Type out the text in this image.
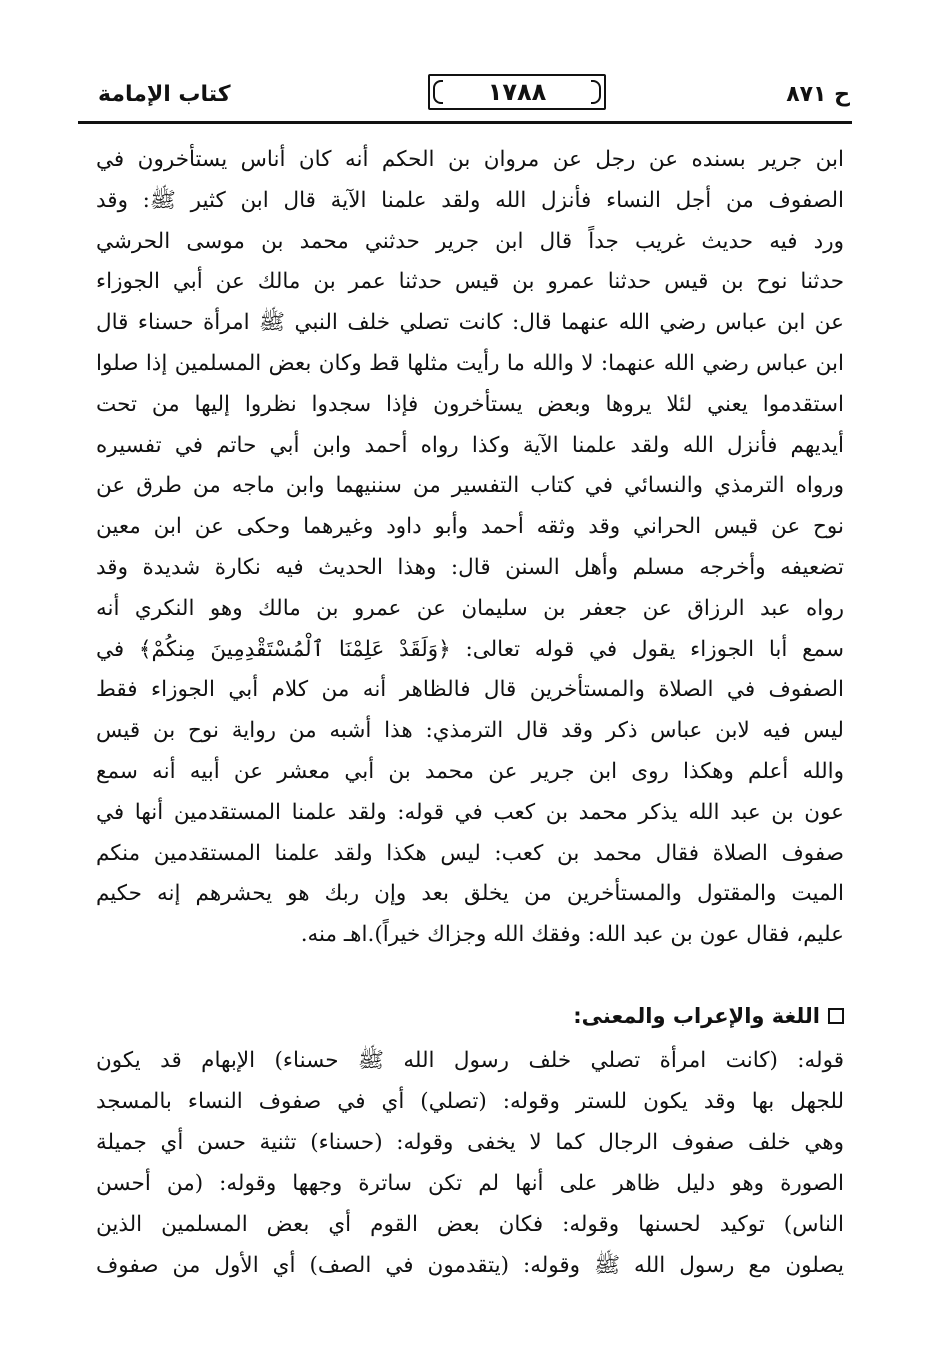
كتاب الإمامة	١٧٨٨	ح ٨٧١
ابن جرير بسنده عن رجل عن مروان بن الحكم أنه كان أناس يستأخرون في
الصفوف من أجل النساء فأنزل الله ولقد علمنا الآية قال ابن كثير ﷺ: وقد
ورد فيه حديث غريب جداً قال ابن جرير حدثني محمد بن موسى الحرشي
حدثنا نوح بن قيس حدثنا عمرو بن قيس حدثنا عمر بن مالك عن أبي الجوزاء
عن ابن عباس رضي الله عنهما قال: كانت تصلي خلف النبي ﷺ امرأة حسناء قال
ابن عباس رضي الله عنهما: لا والله ما رأيت مثلها قط وكان بعض المسلمين إذا صلوا
استقدموا يعني لئلا يروها وبعض يستأخرون فإذا سجدوا نظروا إليها من تحت
أيديهم فأنزل الله ولقد علمنا الآية وكذا رواه أحمد وابن أبي حاتم في تفسيره
ورواه الترمذي والنسائي في كتاب التفسير من سننيهما وابن ماجه من طرق عن
نوح عن قيس الحراني وقد وثقه أحمد وأبو داود وغيرهما وحكى عن ابن معين
تضعيفه وأخرجه مسلم وأهل السنن قال: وهذا الحديث فيه نكارة شديدة وقد
رواه عبد الرزاق عن جعفر بن سليمان عن عمرو بن مالك وهو النكري أنه
سمع أبا الجوزاء يقول في قوله تعالى: ﴿وَلَقَدْ عَلِمْنَا ٱلْمُسْتَقْدِمِينَ مِنكُمْ﴾ في
الصفوف في الصلاة والمستأخرين قال فالظاهر أنه من كلام أبي الجوزاء فقط
ليس فيه لابن عباس ذكر وقد قال الترمذي: هذا أشبه من رواية نوح بن قيس
والله أعلم وهكذا روى ابن جرير عن محمد بن أبي معشر عن أبيه أنه سمع
عون بن عبد الله يذكر محمد بن كعب في قوله: ولقد علمنا المستقدمين أنها في
صفوف الصلاة فقال محمد بن كعب: ليس هكذا ولقد علمنا المستقدمين منكم
الميت والمقتول والمستأخرين من يخلق بعد وإن ربك هو يحشرهم إنه حكيم
عليم، فقال عون بن عبد الله: وفقك الله وجزاك خيراً).اهـ منه.
اللغة والإعراب والمعنى:
قوله: (كانت امرأة تصلي خلف رسول الله ﷺ حسناء) الإبهام قد يكون
للجهل بها وقد يكون للستر وقوله: (تصلي) أي في صفوف النساء بالمسجد
وهي خلف صفوف الرجال كما لا يخفى وقوله: (حسناء) تثنية حسن أي جميلة
الصورة وهو دليل ظاهر على أنها لم تكن ساترة وجهها وقوله: (من أحسن
الناس) توكيد لحسنها وقوله: فكان بعض القوم أي بعض المسلمين الذين
يصلون مع رسول الله ﷺ وقوله: (يتقدمون في الصف) أي الأول من صفوف
